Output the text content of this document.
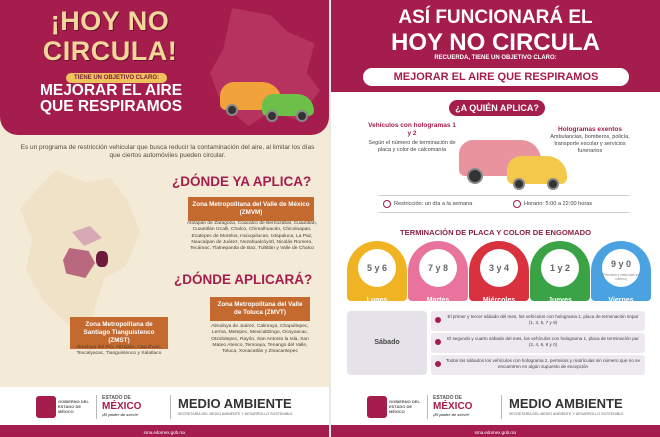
¡HOY NO
CIRCULA!
TIENE UN OBJETIVO CLARO:
MEJORAR EL AIRE
QUE RESPIRAMOS
Es un programa de restricción vehicular que busca reducir la contaminación del aire, al limitar los días que ciertos automóviles pueden circular.
¿DÓNDE YA APLICA?
Zona Metropolitana del Valle de México (ZMVM)
Atizapán de Zaragoza, Coacalco de Berriozábal, Cuautitlán, Cuautitlán Izcalli, Chalco, Chimalhuacán, Chicoloapan, Ecatepec de Morelos, Huixquilucan, Ixtapaluca, La Paz, Naucalpan de Juárez, Nezahualcóyotl, Nicolás Romero, Tecámac, Tlalnepantla de Baz, Tultitlán y Valle de Chalco
¿DÓNDE APLICARÁ?
Zona Metropolitana del Valle de Toluca (ZMVT)
Almoloya de Juárez, Calimaya, Chapultepec, Lerma, Metepec, Mexicaltzingo, Ocoyoacac, Otzolotepec, Rayón, San Antonio la Isla, San Mateo Atenco, Temoaya, Tenango del Valle, Toluca, Xonacatlán y Zinacantepec
Zona Metropolitana de Santiago Tianguistenco (ZMST)
Almoloya del Río, Atizapán, Capulhuac, Texcalyacac, Tianguistenco y Xalatlaco
GOBIERNO DEL ESTADO DE MÉXICO
ESTADO DE
MÉXICO
¡El poder de servir!
MEDIO AMBIENTE
SECRETARÍA DEL MEDIO AMBIENTE Y DESARROLLO SOSTENIBLE
sma.edomex.gob.mx
ASÍ FUNCIONARÁ EL
HOY NO CIRCULA
RECUERDA, TIENE UN OBJETIVO CLARO:
MEJORAR EL AIRE QUE RESPIRAMOS
¿A QUIÉN APLICA?
Vehículos con hologramas 1 y 2
Según el número de terminación de placa y color de calcomanía
Hologramas exentos
Ambulancias, bomberos, policía, transporte escolar y servicios funerarios
Restricción: un día a la semana	Horario: 5:00 a 22:00 horas
TERMINACIÓN DE PLACA Y COLOR DE ENGOMADO
5 y 6
Lunes
7 y 8
Martes
3 y 4
Miércoles
1 y 2
Jueves
9 y 0
(Permisos y matrículas sin número)
Viernes
Sábado
El primer y tercer sábado del mes, los vehículos con holograma 1, placa de terminación impar (1, 3, 5, 7 y 9)
El segundo y cuarto sábado del mes, los vehículos con holograma 1, placa de terminación par (2, 4, 6, 8 y 0)
Todos los sábados los vehículos con holograma 2, permisos y matrículas sin número que no se encuentren en algún supuesto de excepción
GOBIERNO DEL ESTADO DE MÉXICO
ESTADO DE
MÉXICO
¡El poder de servir!
MEDIO AMBIENTE
SECRETARÍA DEL MEDIO AMBIENTE Y DESARROLLO SOSTENIBLE
sma.edomex.gob.mx
